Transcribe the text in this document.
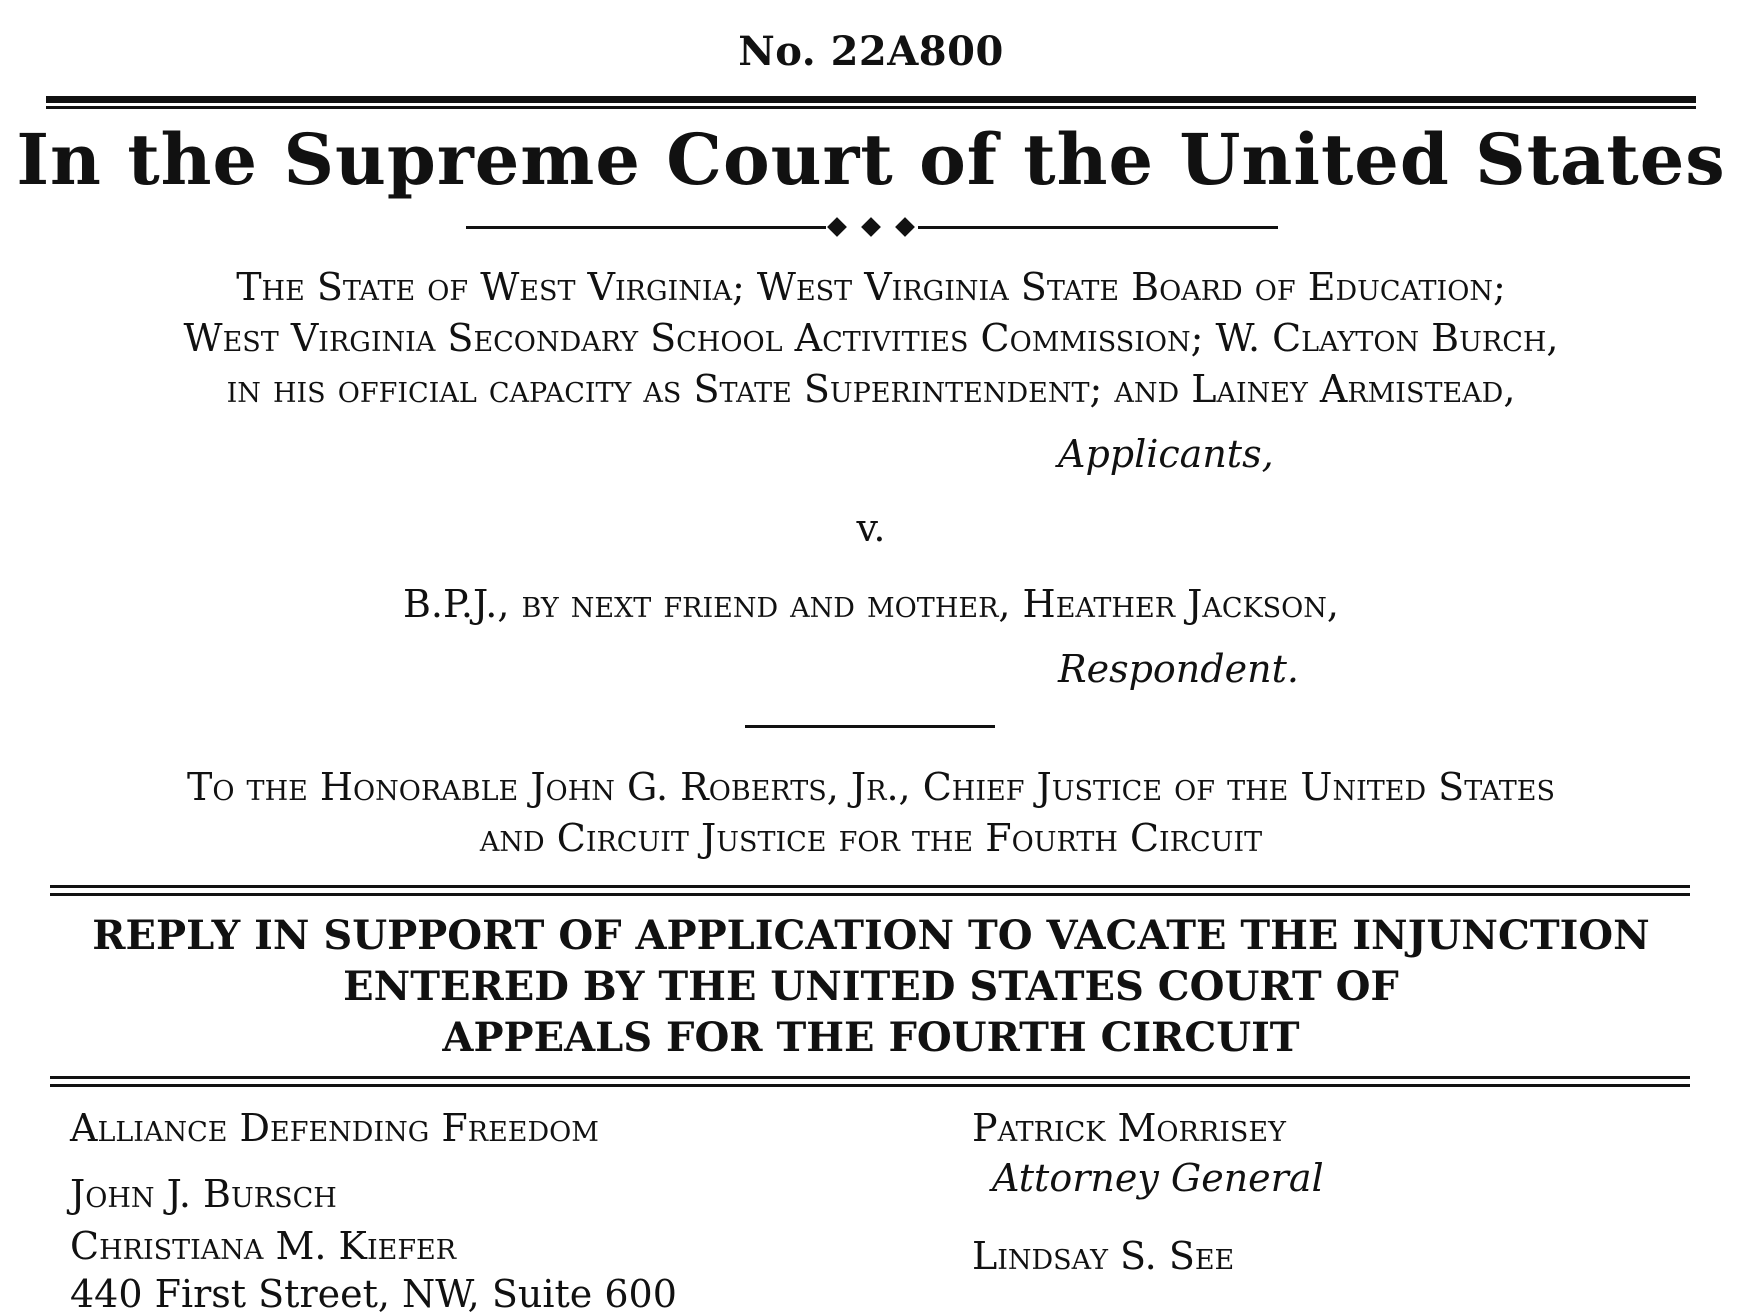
No. 22A800
In the Supreme Court of the United States
The State of West Virginia; West Virginia State Board of Education;
West Virginia Secondary School Activities Commission; W. Clayton Burch,
in his official capacity as State Superintendent; and Lainey Armistead,
Applicants,
v.
B.P.J., by next friend and mother, Heather Jackson,
Respondent.
To the Honorable John G. Roberts, Jr., Chief Justice of the United States
and Circuit Justice for the Fourth Circuit
REPLY IN SUPPORT OF APPLICATION TO VACATE THE INJUNCTION
ENTERED BY THE UNITED STATES COURT OF
APPEALS FOR THE FOURTH CIRCUIT
Alliance Defending Freedom
John J. Bursch
Christiana M. Kiefer
440 First Street, NW, Suite 600
Patrick Morrisey
Attorney General
Lindsay S. See
